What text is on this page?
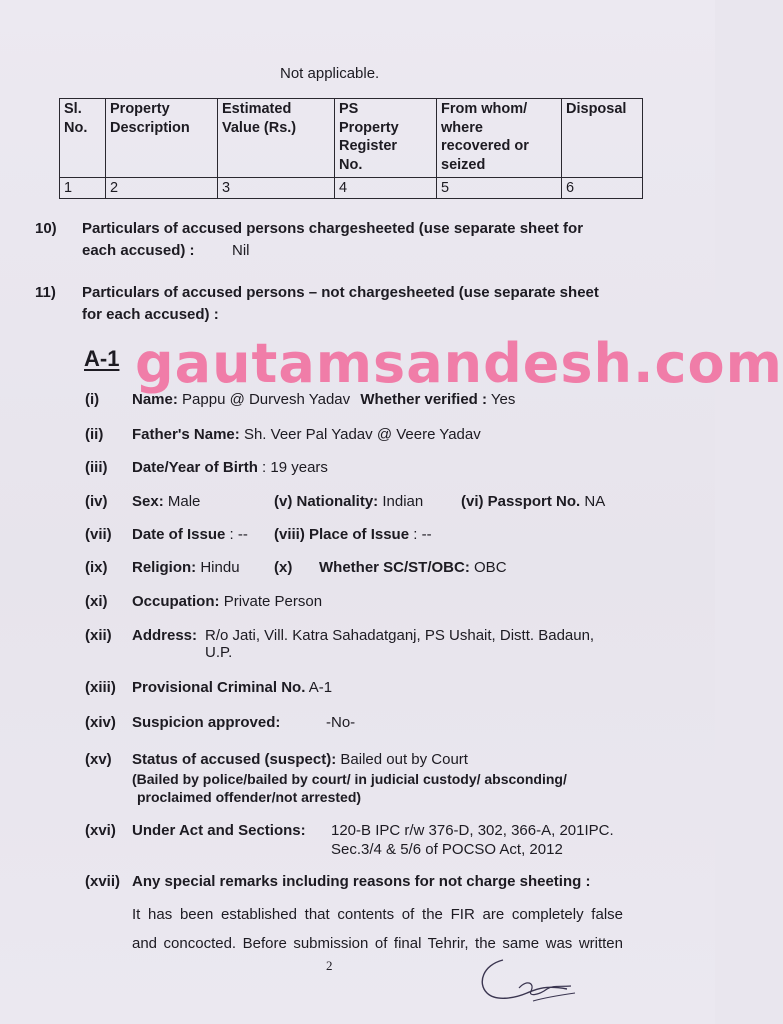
Not applicable.
Sl.
No.	Property
Description	Estimated
Value (Rs.)	PS
Property
Register
No.	From whom/
where
recovered or
seized	Disposal
1	2	3	4	5	6
10) Particulars of accused persons chargesheeted (use separate sheet for
each accused) : Nil
11) Particulars of accused persons – not chargesheeted (use separate sheet
for each accused) :
gautamsandesh.com
A-1
(i) Name: Pappu @ Durvesh Yadav Whether verified : Yes
(ii) Father's Name: Sh. Veer Pal Yadav @ Veere Yadav
(iii) Date/Year of Birth : 19 years
(iv) Sex: Male	(v) Nationality: Indian	(vi) Passport No. NA
(vii) Date of Issue : -- (viii) Place of Issue : --
(ix) Religion: Hindu (x) Whether SC/ST/OBC: OBC
(xi) Occupation: Private Person
(xii) Address: R/o Jati, Vill. Katra Sahadatganj, PS Ushait, Distt. Badaun,
U.P.
(xiii) Provisional Criminal No. A-1
(xiv) Suspicion approved:	-No-
(xv) Status of accused (suspect): Bailed out by Court
(Bailed by police/bailed by court/ in judicial custody/ absconding/
proclaimed offender/not arrested)
(xvi) Under Act and Sections: 120-B IPC r/w 376-D, 302, 366-A, 201IPC.
Sec.3/4 & 5/6 of POCSO Act, 2012
(xvii) Any special remarks including reasons for not charge sheeting :
It has been established that contents of the FIR are completely false
and concocted. Before submission of final Tehrir, the same was written
2
